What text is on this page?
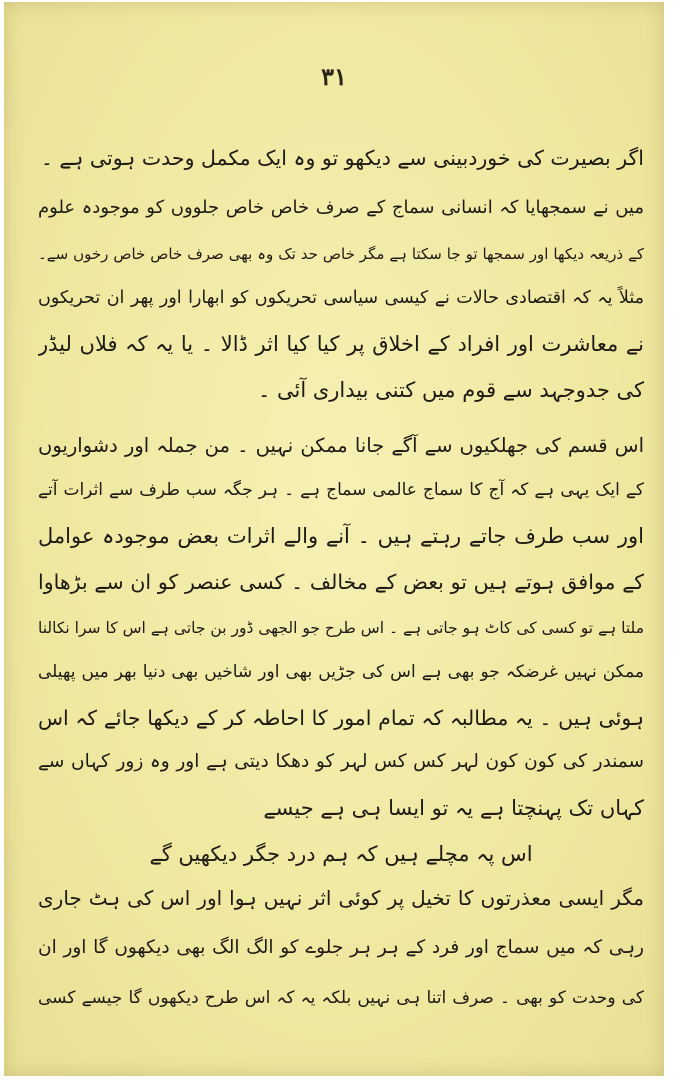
۳۱
اگر بصیرت کی خوردبینی سے دیکھو تو وہ ایک مکمل وحدت ہوتی ہے ۔
میں نے سمجھایا کہ انسانی سماج کے صرف خاص خاص جلووں کو موجودہ علوم
کے ذریعہ دیکھا اور سمجھا تو جا سکتا ہے مگر خاص حد تک وہ بھی صرف خاص خاص رخوں سے۔
مثلاً یہ کہ اقتصادی حالات نے کیسی سیاسی تحریکوں کو ابھارا اور پھر ان تحریکوں
نے معاشرت اور افراد کے اخلاق پر کیا کیا اثر ڈالا ۔ یا یہ کہ فلاں لیڈر
کی جدوجہد سے قوم میں کتنی بیداری آئی ۔
اس قسم کی جھلکیوں سے آگے جانا ممکن نہیں ۔ من جملہ اور دشواریوں
کے ایک یہی ہے کہ آج کا سماج عالمی سماج ہے ۔ ہر جگہ سب طرف سے اثرات آتے
اور سب طرف جاتے رہتے ہیں ۔ آنے والے اثرات بعض موجودہ عوامل
کے موافق ہوتے ہیں تو بعض کے مخالف ۔ کسی عنصر کو ان سے بڑھاوا
ملتا ہے تو کسی کی کاٹ ہو جاتی ہے ۔ اس طرح جو الجھی ڈور بن جاتی ہے اس کا سرا نکالنا
ممکن نہیں غرضکہ جو بھی ہے اس کی جڑیں بھی اور شاخیں بھی دنیا بھر میں پھیلی
ہوئی ہیں ۔ یہ مطالبہ کہ تمام امور کا احاطہ کر کے دیکھا جائے کہ اس
سمندر کی کون کون لہر کس کس لہر کو دھکا دیتی ہے اور وہ زور کہاں سے
کہاں تک پہنچتا ہے یہ تو ایسا ہی ہے جیسے
اس پہ مچلے ہیں کہ ہم درد جگر دیکھیں گے
مگر ایسی معذرتوں کا تخیل پر کوئی اثر نہیں ہوا اور اس کی ہٹ جاری
رہی کہ میں سماج اور فرد کے ہر ہر جلوے کو الگ الگ بھی دیکھوں گا اور ان
کی وحدت کو بھی ۔ صرف اتنا ہی نہیں بلکہ یہ کہ اس طرح دیکھوں گا جیسے کسی
